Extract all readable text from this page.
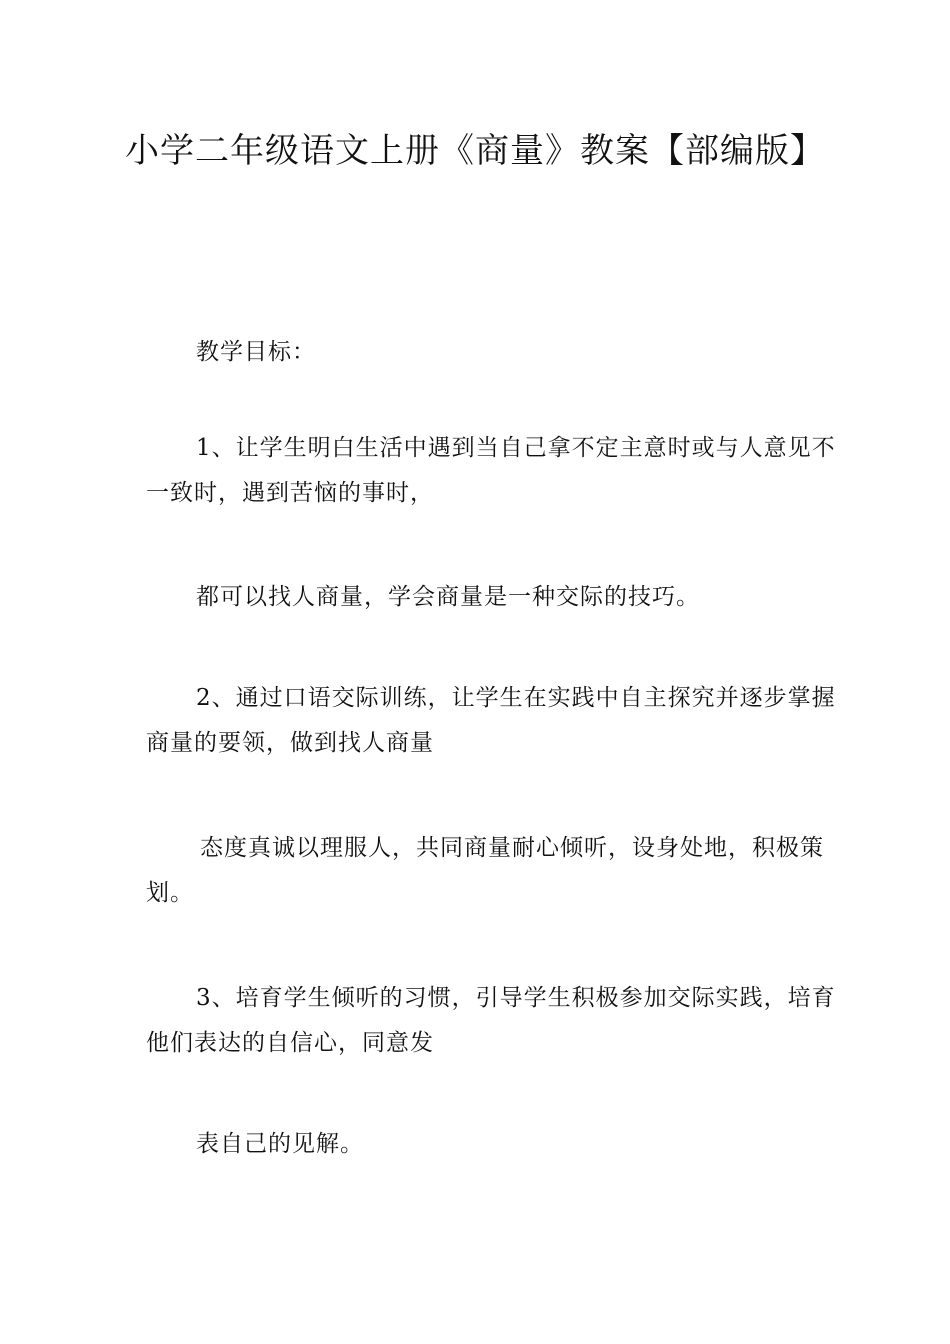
小学二年级语文上册《商量》教案【部编版】

教学目标：

1、让学生明白生活中遇到当自己拿不定主意时或与人意见不一致时，遇到苦恼的事时，

都可以找人商量，学会商量是一种交际的技巧。

2、通过口语交际训练，让学生在实践中自主探究并逐步掌握商量的要领，做到找人商量

态度真诚以理服人，共同商量耐心倾听，设身处地，积极策划。

3、培育学生倾听的习惯，引导学生积极参加交际实践，培育他们表达的自信心，同意发

表自己的见解。
